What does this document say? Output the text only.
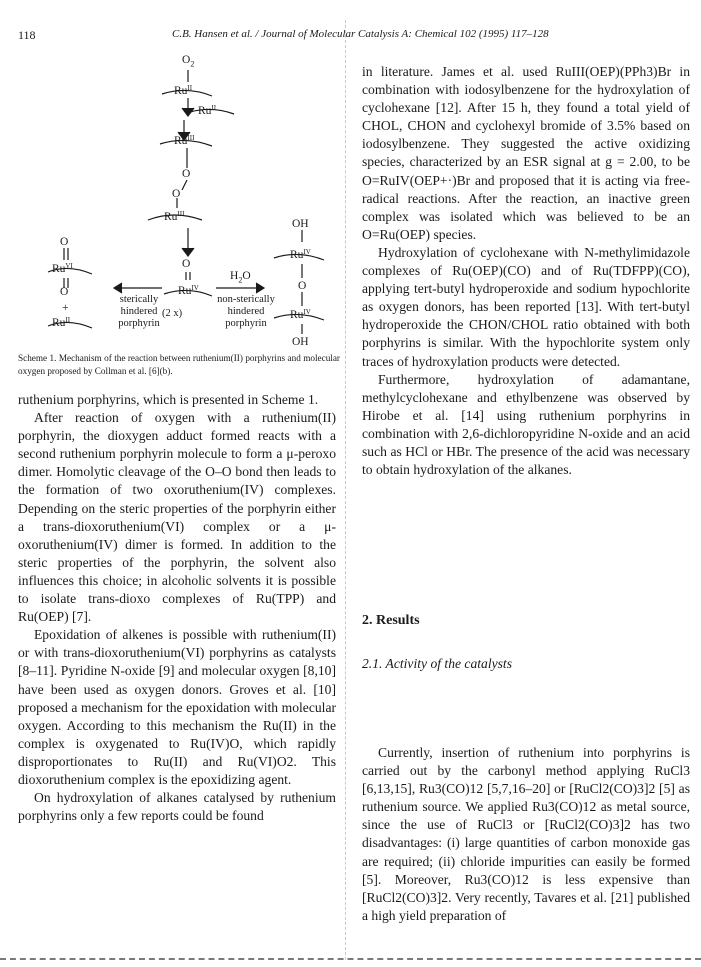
118	C.B. Hansen et al. / Journal of Molecular Catalysis A: Chemical 102 (1995) 117–128
$O_2$
$Ru^{II}$
$Ru^{II}$
$Ru^{III}$
O
O
$Ru^{III}$
O
$Ru^{IV}$
O
$Ru^{VI}$
O
+
$Ru^{II}$
sterically
hindered
porphyrin
(2 x)
non-sterically
hindered
porphyrin
$H_2O$
OH
$Ru^{IV}$
O
$Ru^{IV}$
OH
Scheme 1. Mechanism of the reaction between ruthenium(II) porphyrins and molecular oxygen proposed by Collman et al. [6](b).

ruthenium porphyrins, which is presented in Scheme 1.

After reaction of oxygen with a ruthenium(II) porphyrin, the dioxygen adduct formed reacts with a second ruthenium porphyrin molecule to form a μ-peroxo dimer. Homolytic cleavage of the O–O bond then leads to the formation of two oxoruthenium(IV) complexes. Depending on the steric properties of the porphyrin either a trans-dioxoruthenium(VI) complex or a μ-oxoruthenium(IV) dimer is formed. In addition to the steric properties of the porphyrin, the solvent also influences this choice; in alcoholic solvents it is possible to isolate trans-dioxo complexes of Ru(TPP) and Ru(OEP) [7].

Epoxidation of alkenes is possible with ruthenium(II) or with trans-dioxoruthenium(VI) porphyrins as catalysts [8–11]. Pyridine N-oxide [9] and molecular oxygen [8,10] have been used as oxygen donors. Groves et al. [10] proposed a mechanism for the epoxidation with molecular oxygen. According to this mechanism the Ru(II) in the complex is oxygenated to Ru(IV)O, which rapidly disproportionates to Ru(II) and Ru(VI)O2. This dioxoruthenium complex is the epoxidizing agent.

On hydroxylation of alkanes catalysed by ruthenium porphyrins only a few reports could be found

in literature. James et al. used RuIII(OEP)(PPh3)Br in combination with iodosylbenzene for the hydroxylation of cyclohexane [12]. After 15 h, they found a total yield of CHOL, CHON and cyclohexyl bromide of 3.5% based on iodosylbenzene. They suggested the active oxidizing species, characterized by an ESR signal at g = 2.00, to be O=RuIV(OEP+·)Br and proposed that it is acting via free-radical reactions. After the reaction, an inactive green complex was isolated which was believed to be an O=Ru(OEP) species.

Hydroxylation of cyclohexane with N-methylimidazole complexes of Ru(OEP)(CO) and of Ru(TDFPP)(CO), applying tert-butyl hydroperoxide and sodium hypochlorite as oxygen donors, has been reported [13]. With tert-butyl hydroperoxide the CHON/CHOL ratio obtained with both porphyrins is similar. With the hypochlorite system only traces of hydroxylation products were detected.

Furthermore, hydroxylation of adamantane, methylcyclohexane and ethylbenzene was observed by Hirobe et al. [14] using ruthenium porphyrins in combination with 2,6-dichloropyridine N-oxide and an acid such as HCl or HBr. The presence of the acid was necessary to obtain hydroxylation of the alkanes.

2. Results
2.1. Activity of the catalysts

Currently, insertion of ruthenium into porphyrins is carried out by the carbonyl method applying RuCl3 [6,13,15], Ru3(CO)12 [5,7,16–20] or [RuCl2(CO)3]2 [5] as ruthenium source. We applied Ru3(CO)12 as metal source, since the use of RuCl3 or [RuCl2(CO)3]2 has two disadvantages: (i) large quantities of carbon monoxide gas are required; (ii) chloride impurities can easily be formed [5]. Moreover, Ru3(CO)12 is less expensive than [RuCl2(CO)3]2. Very recently, Tavares et al. [21] published a high yield preparation of
